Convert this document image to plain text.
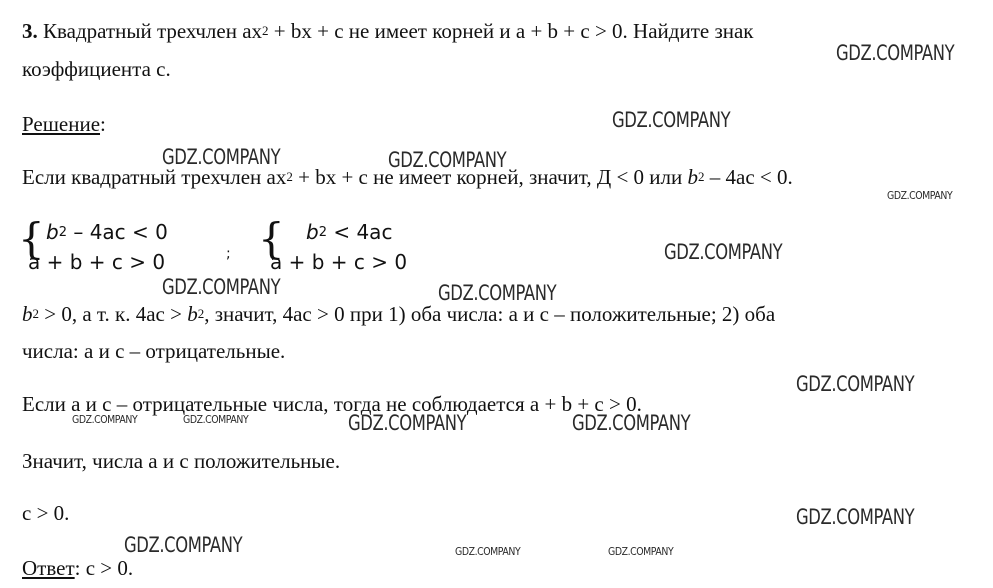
3. Квадратный трехчлен $ax^2$ + bx + c не имеет корней и a + b + c > 0. Найдите знак
коэффициента c.
Решение:
Если квадратный трехчлен $ax^2$ + bx + c не имеет корней, значит, Д < 0 или $b^2 - 4ac < 0$.
{ $b^2 - 4ac < 0$
a + b + c > 0	; { $b^2 < 4ac$
a + b + c > 0
$b^2 > 0$, а т. к. $4ac > b^2$, значит, 4ac > 0 при 1) оба числа: a и c – положительные; 2) оба
числа: a и c – отрицательные.
Если a и c – отрицательные числа, тогда не соблюдается a + b + c > 0.
Значит, числа a и c положительные.
c > 0.
Ответ: c > 0.
GDZ.COMPANY
GDZ.COMPANY
GDZ.COMPANY	GDZ.COMPANY
GDZ.COMPANY
GDZ.COMPANY
GDZ.COMPANY	GDZ.COMPANY
GDZ.COMPANY
GDZ.COMPANY	GDZ.COMPANY	GDZ.COMPANY	GDZ.COMPANY
GDZ.COMPANY
GDZ.COMPANY	GDZ.COMPANY	GDZ.COMPANY
